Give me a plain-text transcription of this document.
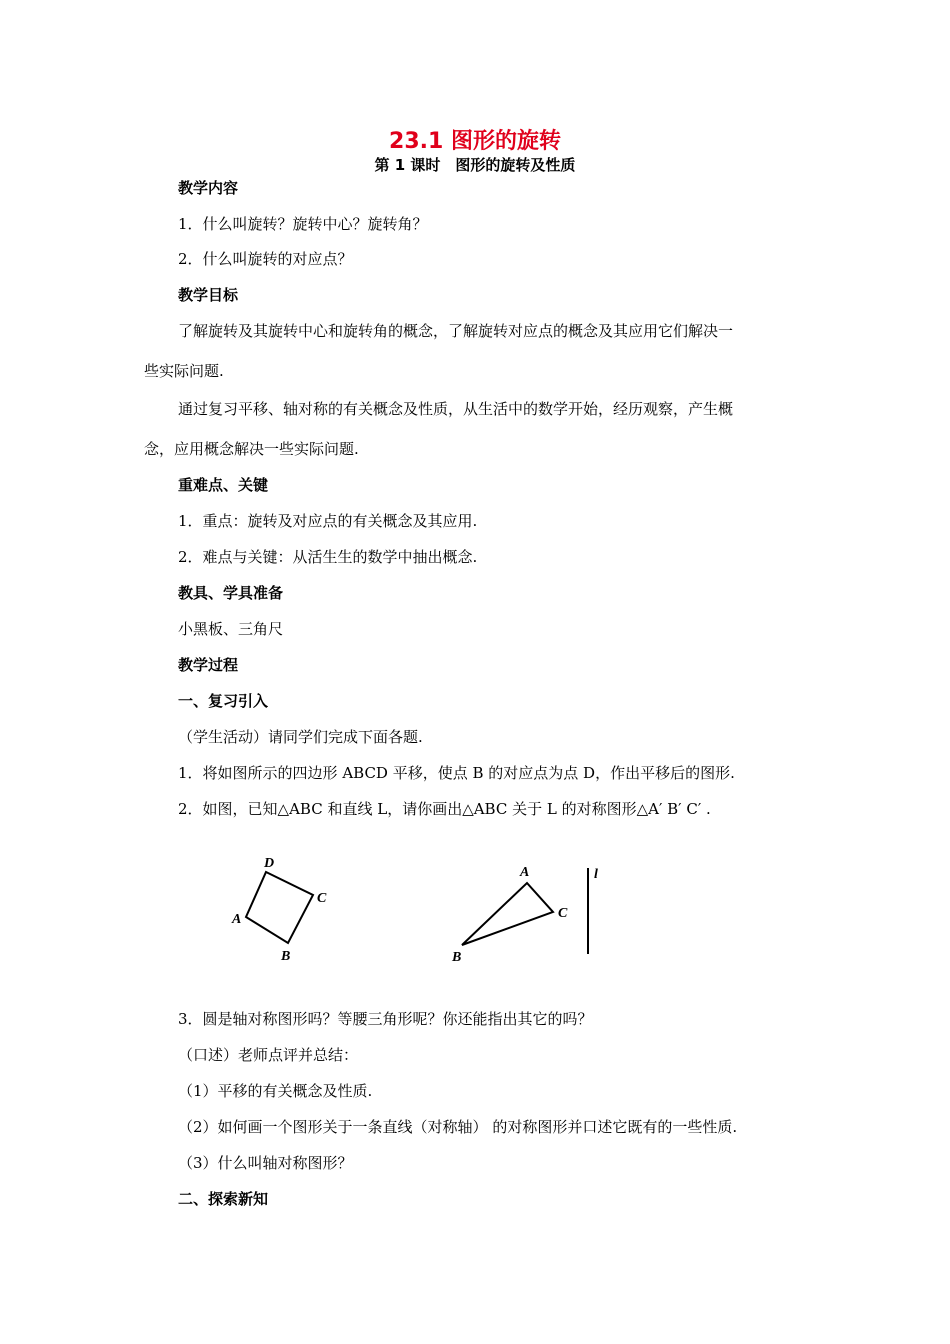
23.1 图形的旋转
第 1 课时　图形的旋转及性质
教学内容
1．什么叫旋转？旋转中心？旋转角？
2．什么叫旋转的对应点？
教学目标
了解旋转及其旋转中心和旋转角的概念，了解旋转对应点的概念及其应用它们解决一
些实际问题.
通过复习平移、轴对称的有关概念及性质，从生活中的数学开始，经历观察，产生概
念，应用概念解决一些实际问题.
重难点、关键
1．重点：旋转及对应点的有关概念及其应用.
2．难点与关键：从活生生的数学中抽出概念.
教具、学具准备
小黑板、三角尺
教学过程
一、复习引入
（学生活动）请同学们完成下面各题.
1．将如图所示的四边形 ABCD 平移，使点 B 的对应点为点 D，作出平移后的图形.
2．如图，已知△ABC 和直线 L，请你画出△ABC 关于 L 的对称图形△A′ B′ C′ .
D
C
A
B
A
C
B
l
3．圆是轴对称图形吗？等腰三角形呢？你还能指出其它的吗？
（口述）老师点评并总结：
（1）平移的有关概念及性质.
（2）如何画一个图形关于一条直线（对称轴） 的对称图形并口述它既有的一些性质.
（3）什么叫轴对称图形？
二、探索新知
